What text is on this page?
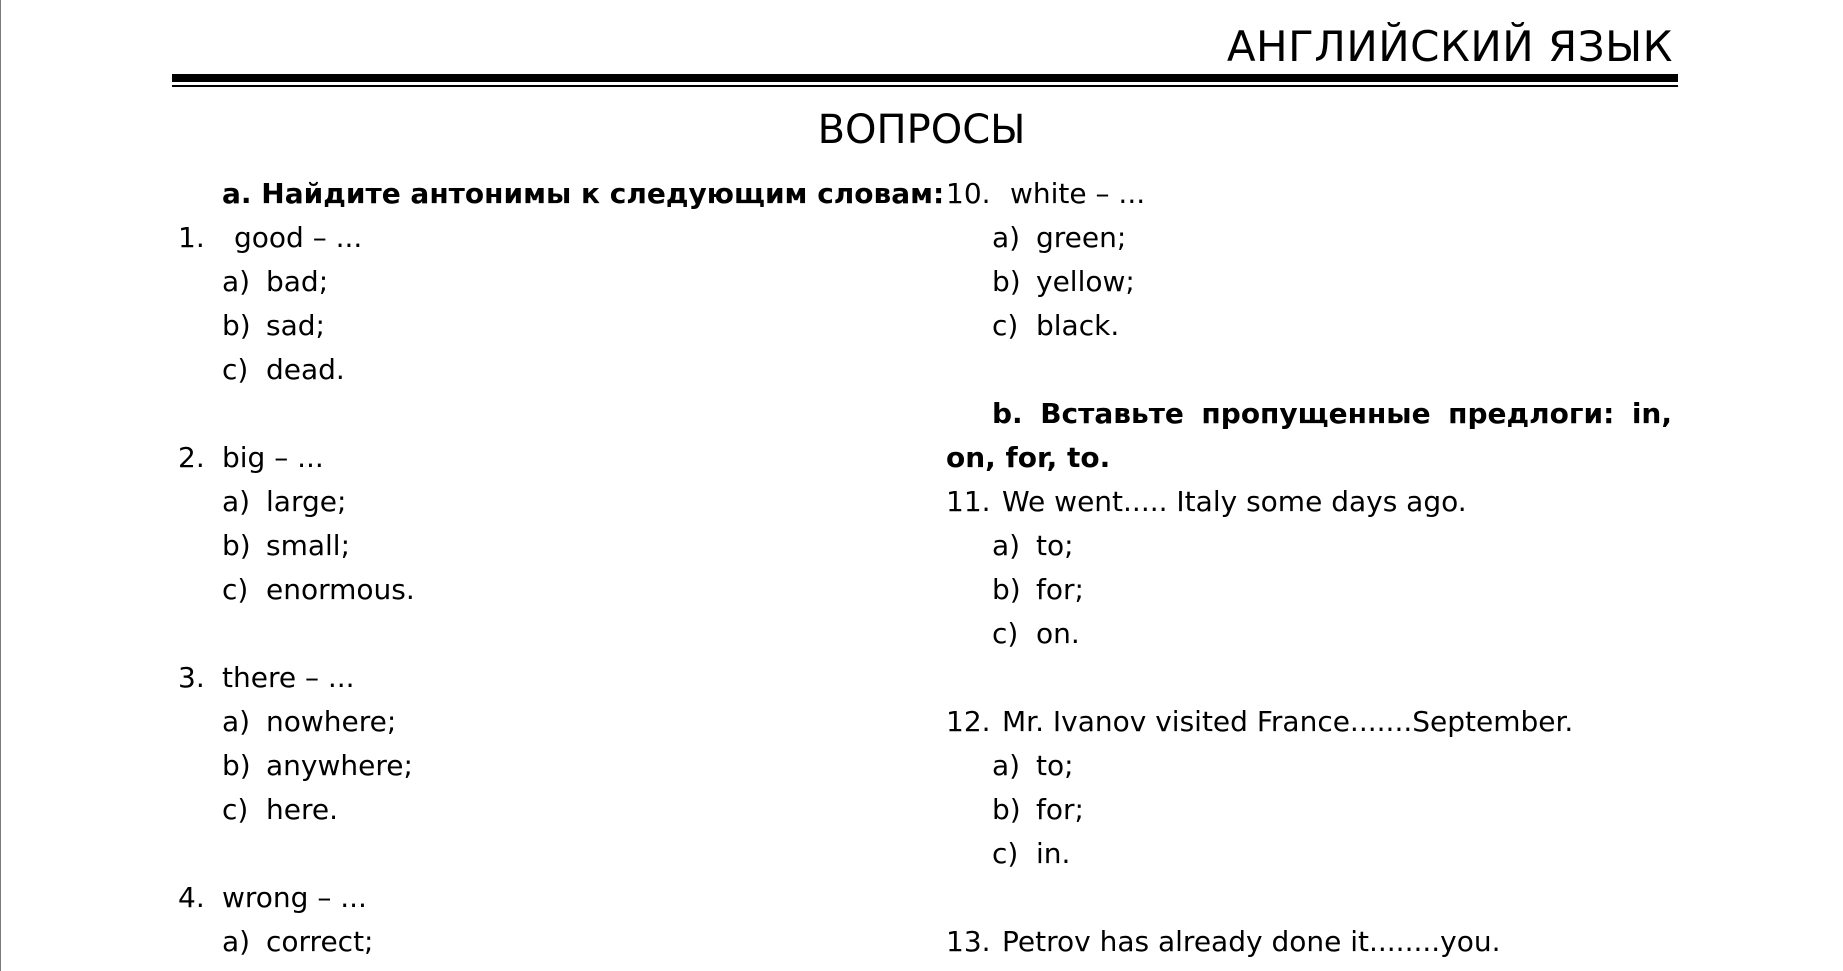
АНГЛИЙСКИЙ ЯЗЫК
ВОПРОСЫ
a. Найдите антонимы к следующим словам:
1. good – ...
a) bad;
b) sad;
c) dead.
2. big – ...
a) large;
b) small;
c) enormous.
3. there – ...
a) nowhere;
b) anywhere;
c) here.
4. wrong – ...
a) correct;
10. white – ...
a) green;
b) yellow;
c) black.
b. Вставьте пропущенные предлоги: in, on, for, to.
11. We went..... Italy some days ago.
a) to;
b) for;
c) on.
12. Mr. Ivanov visited France.......September.
a) to;
b) for;
c) in.
13. Petrov has already done it........you.
